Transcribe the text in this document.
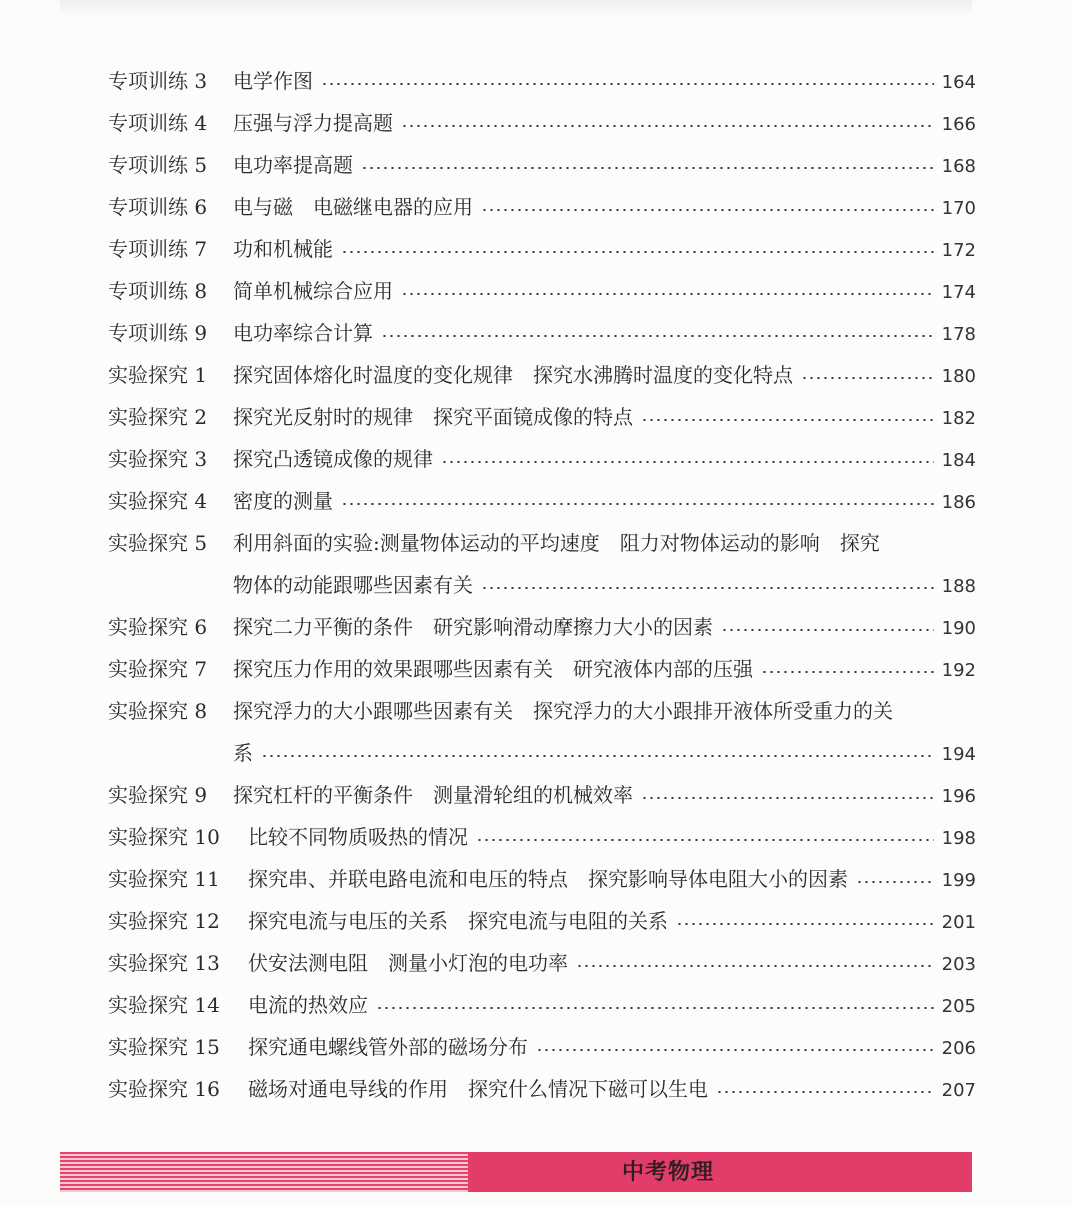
专项训练 3	电学作图	164
专项训练 4	压强与浮力提高题	166
专项训练 5	电功率提高题	168
专项训练 6	电与磁　电磁继电器的应用	170
专项训练 7	功和机械能	172
专项训练 8	简单机械综合应用	174
专项训练 9	电功率综合计算	178
实验探究 1	探究固体熔化时温度的变化规律　探究水沸腾时温度的变化特点	180
实验探究 2	探究光反射时的规律　探究平面镜成像的特点	182
实验探究 3	探究凸透镜成像的规律	184
实验探究 4	密度的测量	186
实验探究 5	利用斜面的实验:测量物体运动的平均速度　阻力对物体运动的影响　探究
物体的动能跟哪些因素有关	188
实验探究 6	探究二力平衡的条件　研究影响滑动摩擦力大小的因素	190
实验探究 7	探究压力作用的效果跟哪些因素有关　研究液体内部的压强	192
实验探究 8	探究浮力的大小跟哪些因素有关　探究浮力的大小跟排开液体所受重力的关
系	194
实验探究 9	探究杠杆的平衡条件　测量滑轮组的机械效率	196
实验探究 10	比较不同物质吸热的情况	198
实验探究 11	探究串、并联电路电流和电压的特点　探究影响导体电阻大小的因素	199
实验探究 12	探究电流与电压的关系　探究电流与电阻的关系	201
实验探究 13	伏安法测电阻　测量小灯泡的电功率	203
实验探究 14	电流的热效应	205
实验探究 15	探究通电螺线管外部的磁场分布	206
实验探究 16	磁场对通电导线的作用　探究什么情况下磁可以生电	207
中考物理
